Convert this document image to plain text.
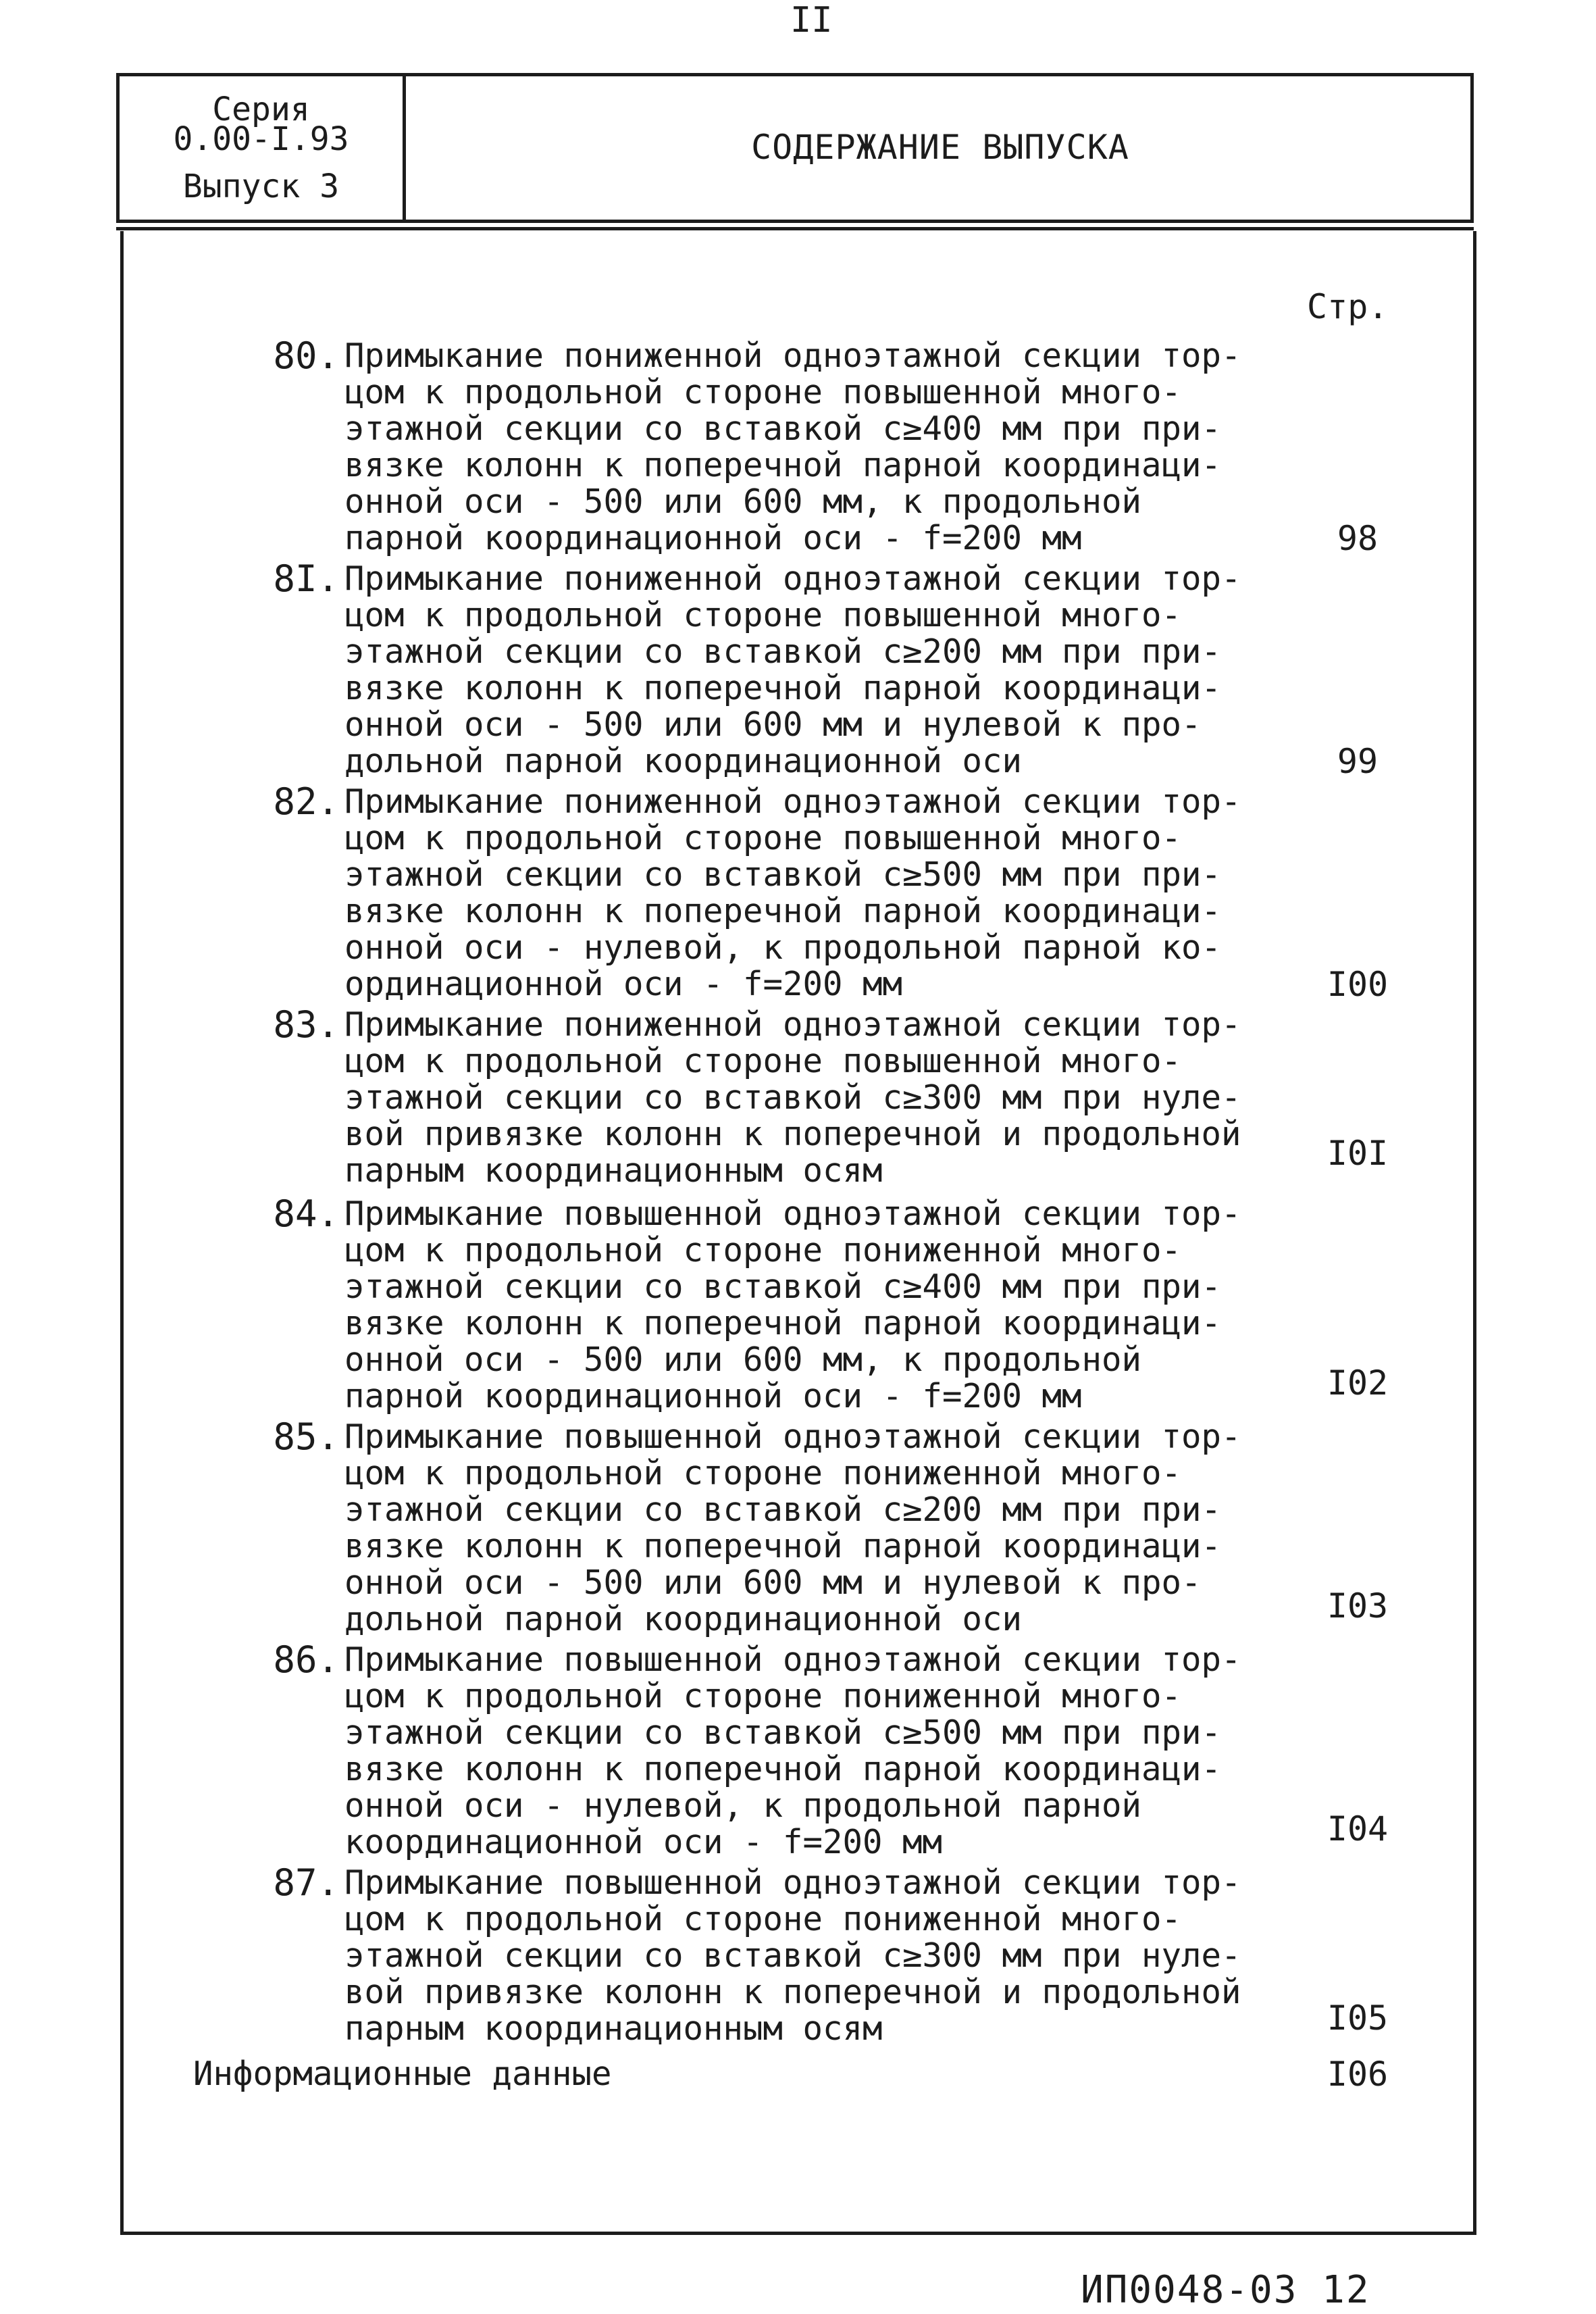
II
Серия
0.00-I.93
Выпуск 3
СОДЕРЖАНИЕ ВЫПУСКА
Стр.
80. Примыкание пониженной одноэтажной секции тор-
цом к продольной стороне повышенной много-
этажной секции со вставкой c≥400 мм при при-
вязке колонн к поперечной парной координаци-
онной оси - 500 или 600 мм, к продольной
парной координационной оси - f=200 мм	98
8I. Примыкание пониженной одноэтажной секции тор-
цом к продольной стороне повышенной много-
этажной секции со вставкой c≥200 мм при при-
вязке колонн к поперечной парной координаци-
онной оси - 500 или 600 мм и нулевой к про-
дольной парной координационной оси	99
82. Примыкание пониженной одноэтажной секции тор-
цом к продольной стороне повышенной много-
этажной секции со вставкой c≥500 мм при при-
вязке колонн к поперечной парной координаци-
онной оси - нулевой, к продольной парной ко-
ординационной оси - f=200 мм	I00
83. Примыкание пониженной одноэтажной секции тор-
цом к продольной стороне повышенной много-
этажной секции со вставкой c≥300 мм при нуле-
вой привязке колонн к поперечной и продольной
парным координационным осям	I0I
84. Примыкание повышенной одноэтажной секции тор-
цом к продольной стороне пониженной много-
этажной секции со вставкой c≥400 мм при при-
вязке колонн к поперечной парной координаци-
онной оси - 500 или 600 мм, к продольной
парной координационной оси - f=200 мм	I02
85. Примыкание повышенной одноэтажной секции тор-
цом к продольной стороне пониженной много-
этажной секции со вставкой c≥200 мм при при-
вязке колонн к поперечной парной координаци-
онной оси - 500 или 600 мм и нулевой к про-
дольной парной координационной оси	I03
86. Примыкание повышенной одноэтажной секции тор-
цом к продольной стороне пониженной много-
этажной секции со вставкой c≥500 мм при при-
вязке колонн к поперечной парной координаци-
онной оси - нулевой, к продольной парной
координационной оси - f=200 мм	I04
87. Примыкание повышенной одноэтажной секции тор-
цом к продольной стороне пониженной много-
этажной секции со вставкой c≥300 мм при нуле-
вой привязке колонн к поперечной и продольной
парным координационным осям	I05
Информационные данные	I06
ИП0048-03 12
